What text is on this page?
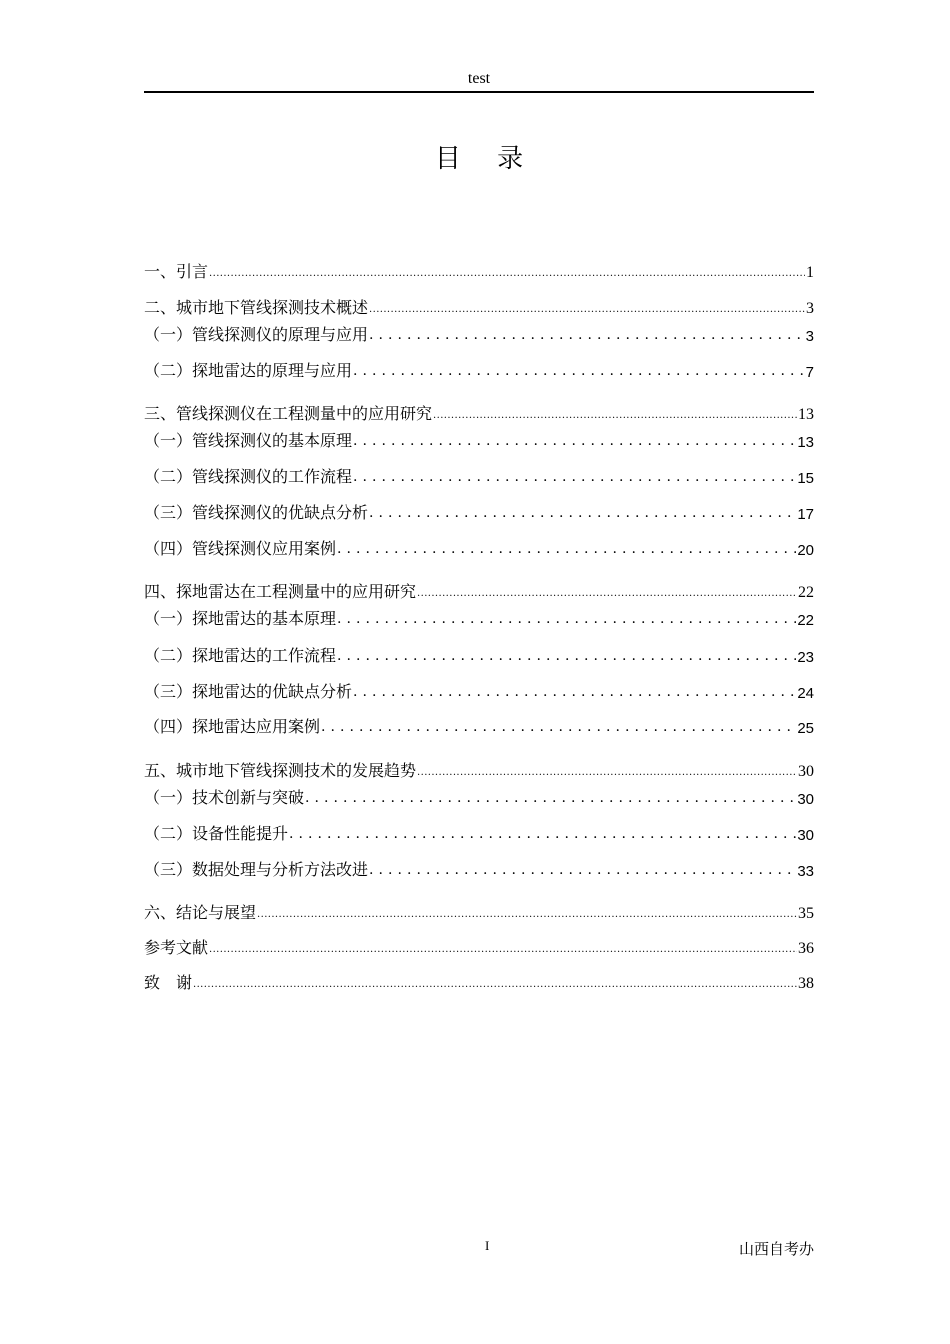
test
目 录
一、 引言 .....	1
二、 城市地下管线探测技术概述 .....	3
（一） 管线探测仪的原理与应用 . . .	3
（二） 探地雷达的原理与应用 . . .	7
三、 管线探测仪在工程测量中的应用研究 .....	13
（一） 管线探测仪的基本原理 . . .	13
（二） 管线探测仪的工作流程 . . .	15
（三） 管线探测仪的优缺点分析 . . .	17
（四） 管线探测仪应用案例 . . .	20
四、 探地雷达在工程测量中的应用研究 .....	22
（一） 探地雷达的基本原理 . . .	22
（二） 探地雷达的工作流程 . . .	23
（三） 探地雷达的优缺点分析 . . .	24
（四） 探地雷达应用案例 . . .	25
五、 城市地下管线探测技术的发展趋势 .....	30
（一） 技术创新与突破 . . .	30
（二） 设备性能提升 . . .	30
（三） 数据处理与分析方法改进 . . .	33
六、 结论与展望 .....	35
参考文献 .....	36
致　谢 .....	38
I	山西自考办
